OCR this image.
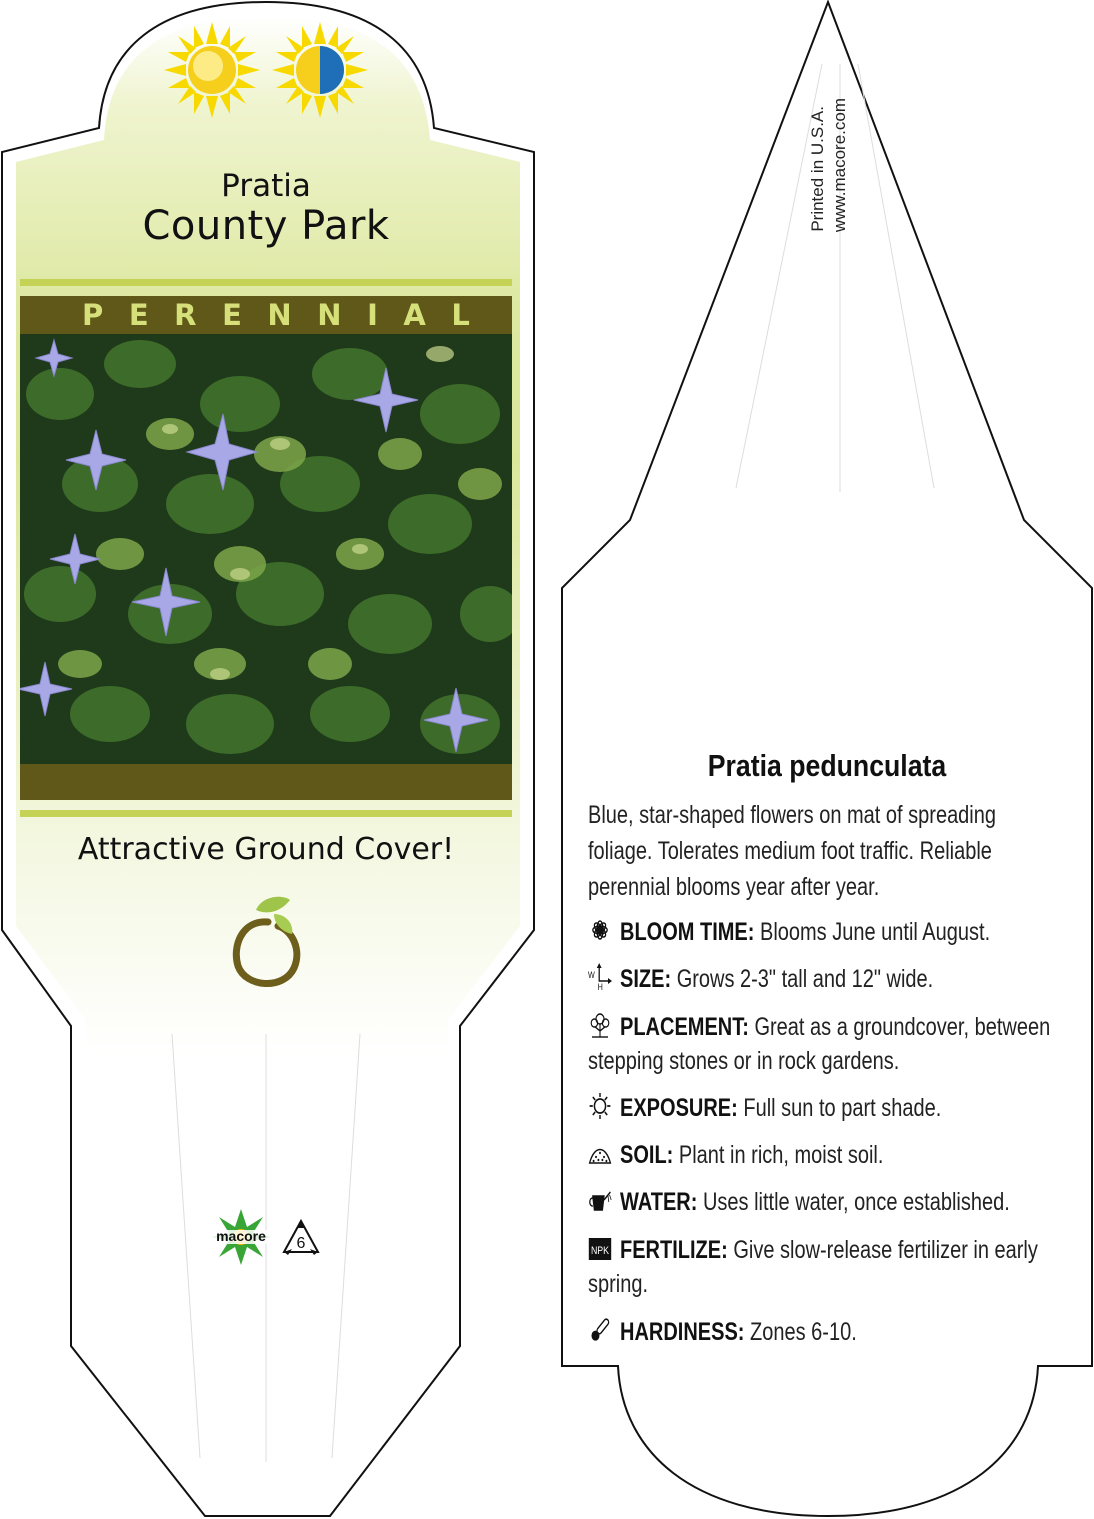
Pratia
County Park
P E R E N N I A L
Attractive Ground Cover!
macore 6
Printed in U.S.A. www.macore.com
Pratia pedunculata
Blue, star-shaped flowers on mat of spreading foliage. Tolerates medium foot traffic. Reliable perennial blooms year after year.
BLOOM TIME: Blooms June until August.
W
H SIZE: Grows 2-3" tall and 12" wide.
PLACEMENT: Great as a groundcover, between stepping stones or in rock gardens.
EXPOSURE: Full sun to part shade.
SOIL: Plant in rich, moist soil.
WATER: Uses little water, once established.
NPK FERTILIZE: Give slow-release fertilizer in early spring.
HARDINESS: Zones 6-10.
